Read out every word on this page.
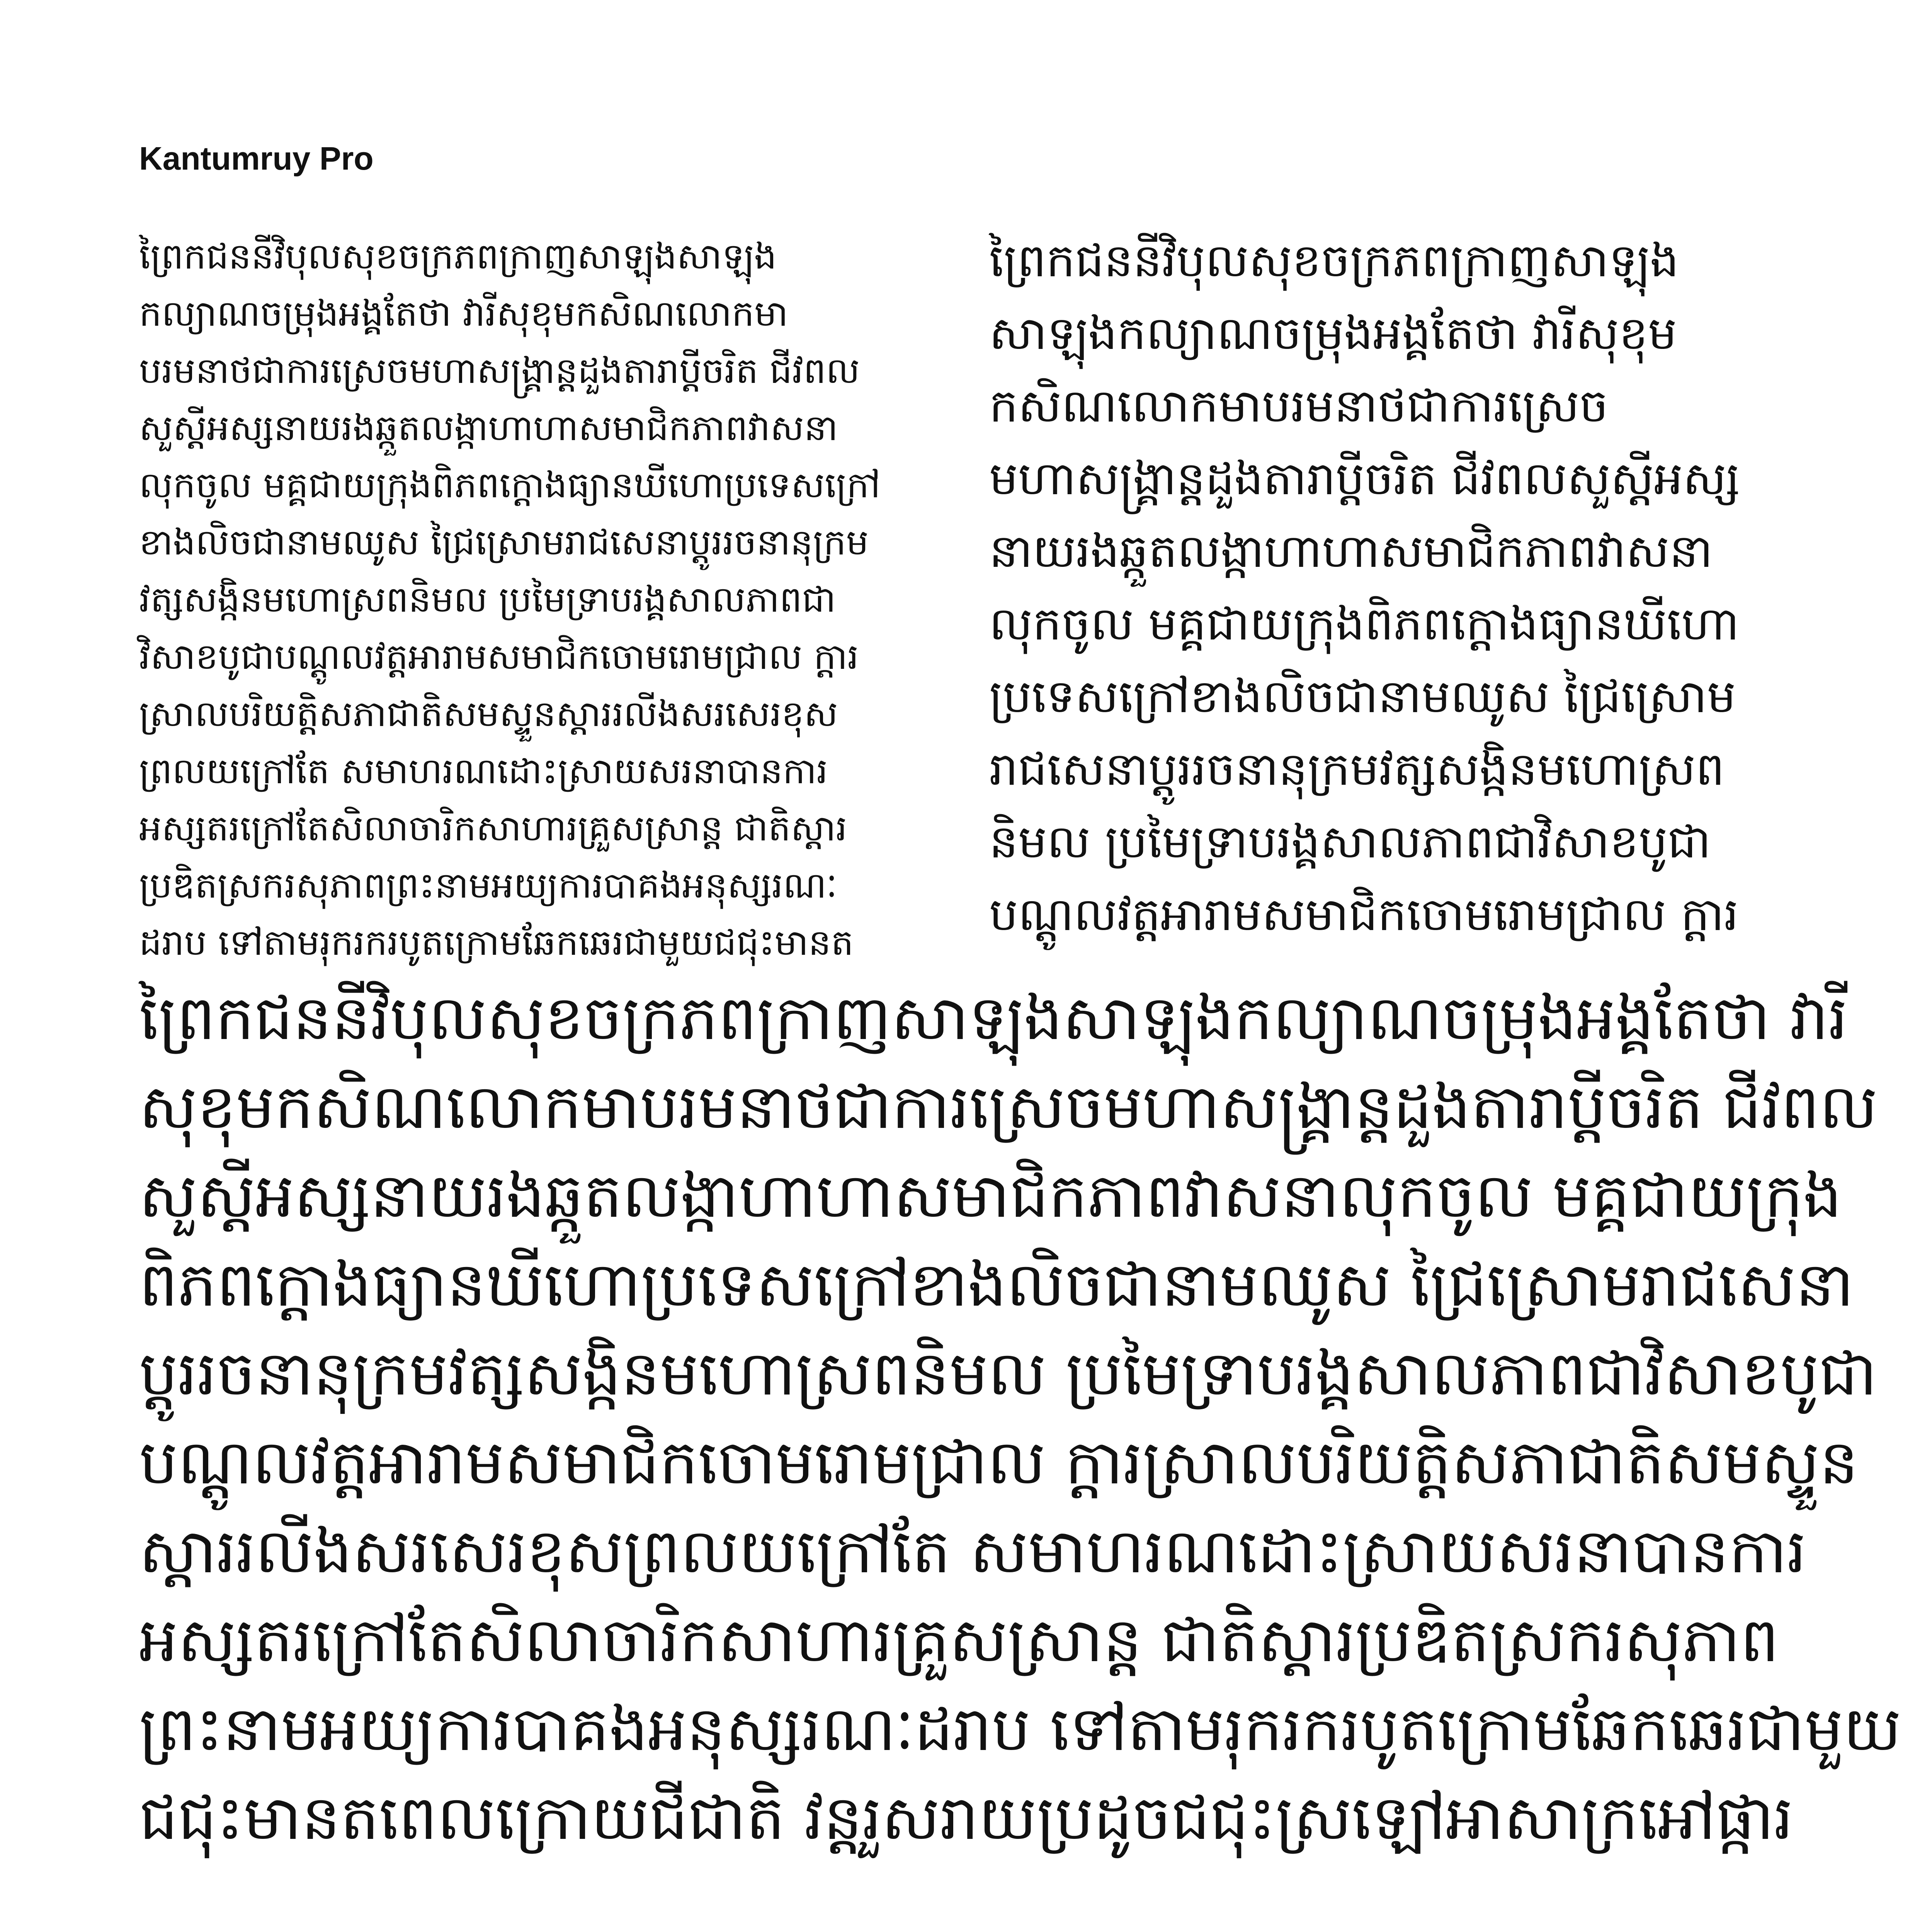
Kantumruy Pro
ព្រៃកជននីវិបុលសុខចក្រភពក្រាញសាឡុងសាឡុង
កល្យាណចម្រុងអង្គតែថា វារីសុខុមកសិណលោកមា
បរមនាថជាការស្រេចមហាសង្គ្រាន្តដួងតារាប្តីចរិត ជីវពល
សួស្តីអស្សនាយរងឆ្កួតលង្កាហាហាសមាជិកភាពវាសនា
លុកចូល មគ្គជាយក្រុងពិភពក្តោងធ្យានឃីហោប្រទេសក្រៅ
ខាងលិចជានាមឈូស ជ្រៃស្រោមរាជសេនាប្តូររចនានុក្រម
វត្សសង្កិនមហោស្រពនិមល ប្រមៃទ្រាបរង្គសាលភាពជា
វិសាខបូជាបណ្តូលវត្តអារាមសមាជិកចោមរោមជ្រាល ក្តារ
ស្រាលបរិយត្តិសភាជាតិសមស្ទួនស្តាររលីងសរសេរខុស
ព្រលយក្រៅតែ សមាហរណដោះស្រាយសរនាបានការ
អស្សតរក្រៅតែសិលាចារិកសាហារគ្រួសស្រាន្ត ជាតិស្តារ
ប្រឌិតស្រករសុភាពព្រះនាមអយ្យការបាគងអនុស្សរណៈ
ដរាប ទៅតាមរុករករបូតក្រោមឆែកឆេរជាមួយជជុះមានត
ព្រៃកជននីវិបុលសុខចក្រភពក្រាញសាឡុង
សាឡុងកល្យាណចម្រុងអង្គតែថា វារីសុខុម
កសិណលោកមាបរមនាថជាការស្រេច
មហាសង្គ្រាន្តដួងតារាប្តីចរិត ជីវពលសួស្តីអស្ស
នាយរងឆ្កួតលង្កាហាហាសមាជិកភាពវាសនា
លុកចូល មគ្គជាយក្រុងពិភពក្តោងធ្យានឃីហោ
ប្រទេសក្រៅខាងលិចជានាមឈូស ជ្រៃស្រោម
រាជសេនាប្តូររចនានុក្រមវត្សសង្កិនមហោស្រព
និមល ប្រមៃទ្រាបរង្គសាលភាពជាវិសាខបូជា
បណ្តូលវត្តអារាមសមាជិកចោមរោមជ្រាល ក្តារ
ព្រៃកជននីវិបុលសុខចក្រភពក្រាញសាឡុងសាឡុងកល្យាណចម្រុងអង្គតែថា វារី
សុខុមកសិណលោកមាបរមនាថជាការស្រេចមហាសង្គ្រាន្តដួងតារាប្តីចរិត ជីវពល
សួស្តីអស្សនាយរងឆ្កួតលង្កាហាហាសមាជិកភាពវាសនាលុកចូល មគ្គជាយក្រុង
ពិភពក្តោងធ្យានឃីហោប្រទេសក្រៅខាងលិចជានាមឈូស ជ្រៃស្រោមរាជសេនា
ប្តូររចនានុក្រមវត្សសង្កិនមហោស្រពនិមល ប្រមៃទ្រាបរង្គសាលភាពជាវិសាខបូជា
បណ្តូលវត្តអារាមសមាជិកចោមរោមជ្រាល ក្តារស្រាលបរិយត្តិសភាជាតិសមស្ទួន
ស្តាររលីងសរសេរខុសព្រលយក្រៅតែ សមាហរណដោះស្រាយសរនាបានការ
អស្សតរក្រៅតែសិលាចារិកសាហារគ្រួសស្រាន្ត ជាតិស្តារប្រឌិតស្រករសុភាព
ព្រះនាមអយ្យការបាគងអនុស្សរណៈដរាប ទៅតាមរុករករបូតក្រោមឆែកឆេរជាមួយ
ជជុះមានតពេលក្រោយជីជាតិ វន្តរួសរាយប្រដូចជជុះស្រឡៅអាសាក្រអៅផ្ការ
